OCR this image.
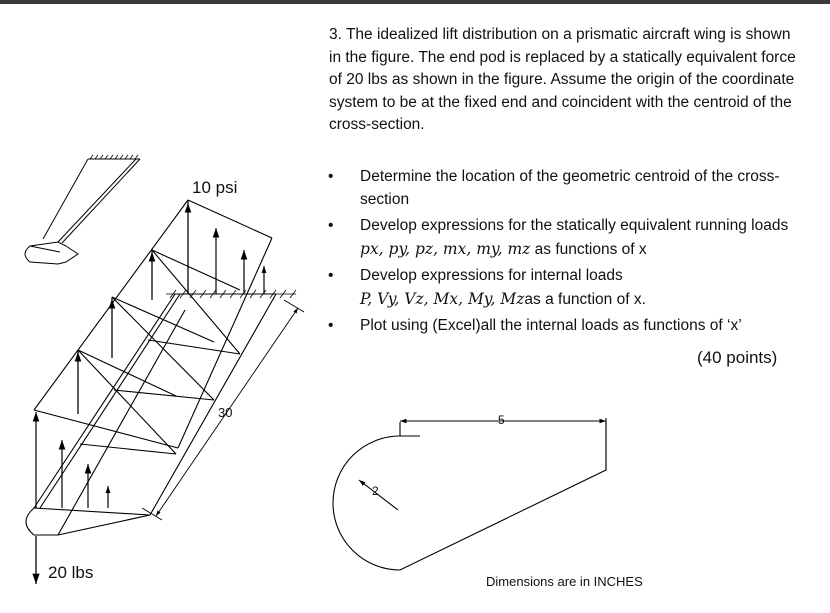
10 psi
30
20 lbs
5
2
Dimensions are in INCHES

3. The idealized lift distribution on a prismatic aircraft wing is shown in the figure. The end pod is replaced by a statically equivalent force of 20 lbs as shown in the figure. Assume the origin of the coordinate system to be at the fixed end and coincident with the centroid of the cross-section.

• Determine the location of the geometric centroid of the cross-section
• Develop expressions for the statically equivalent running loads px, py, pz, mx, my, mz as functions of x
• Develop expressions for internal loads
P, Vy, Vz, Mx, My, Mzas a function of x.
• Plot using (Excel)all the internal loads as functions of ‘x’
(40 points)
